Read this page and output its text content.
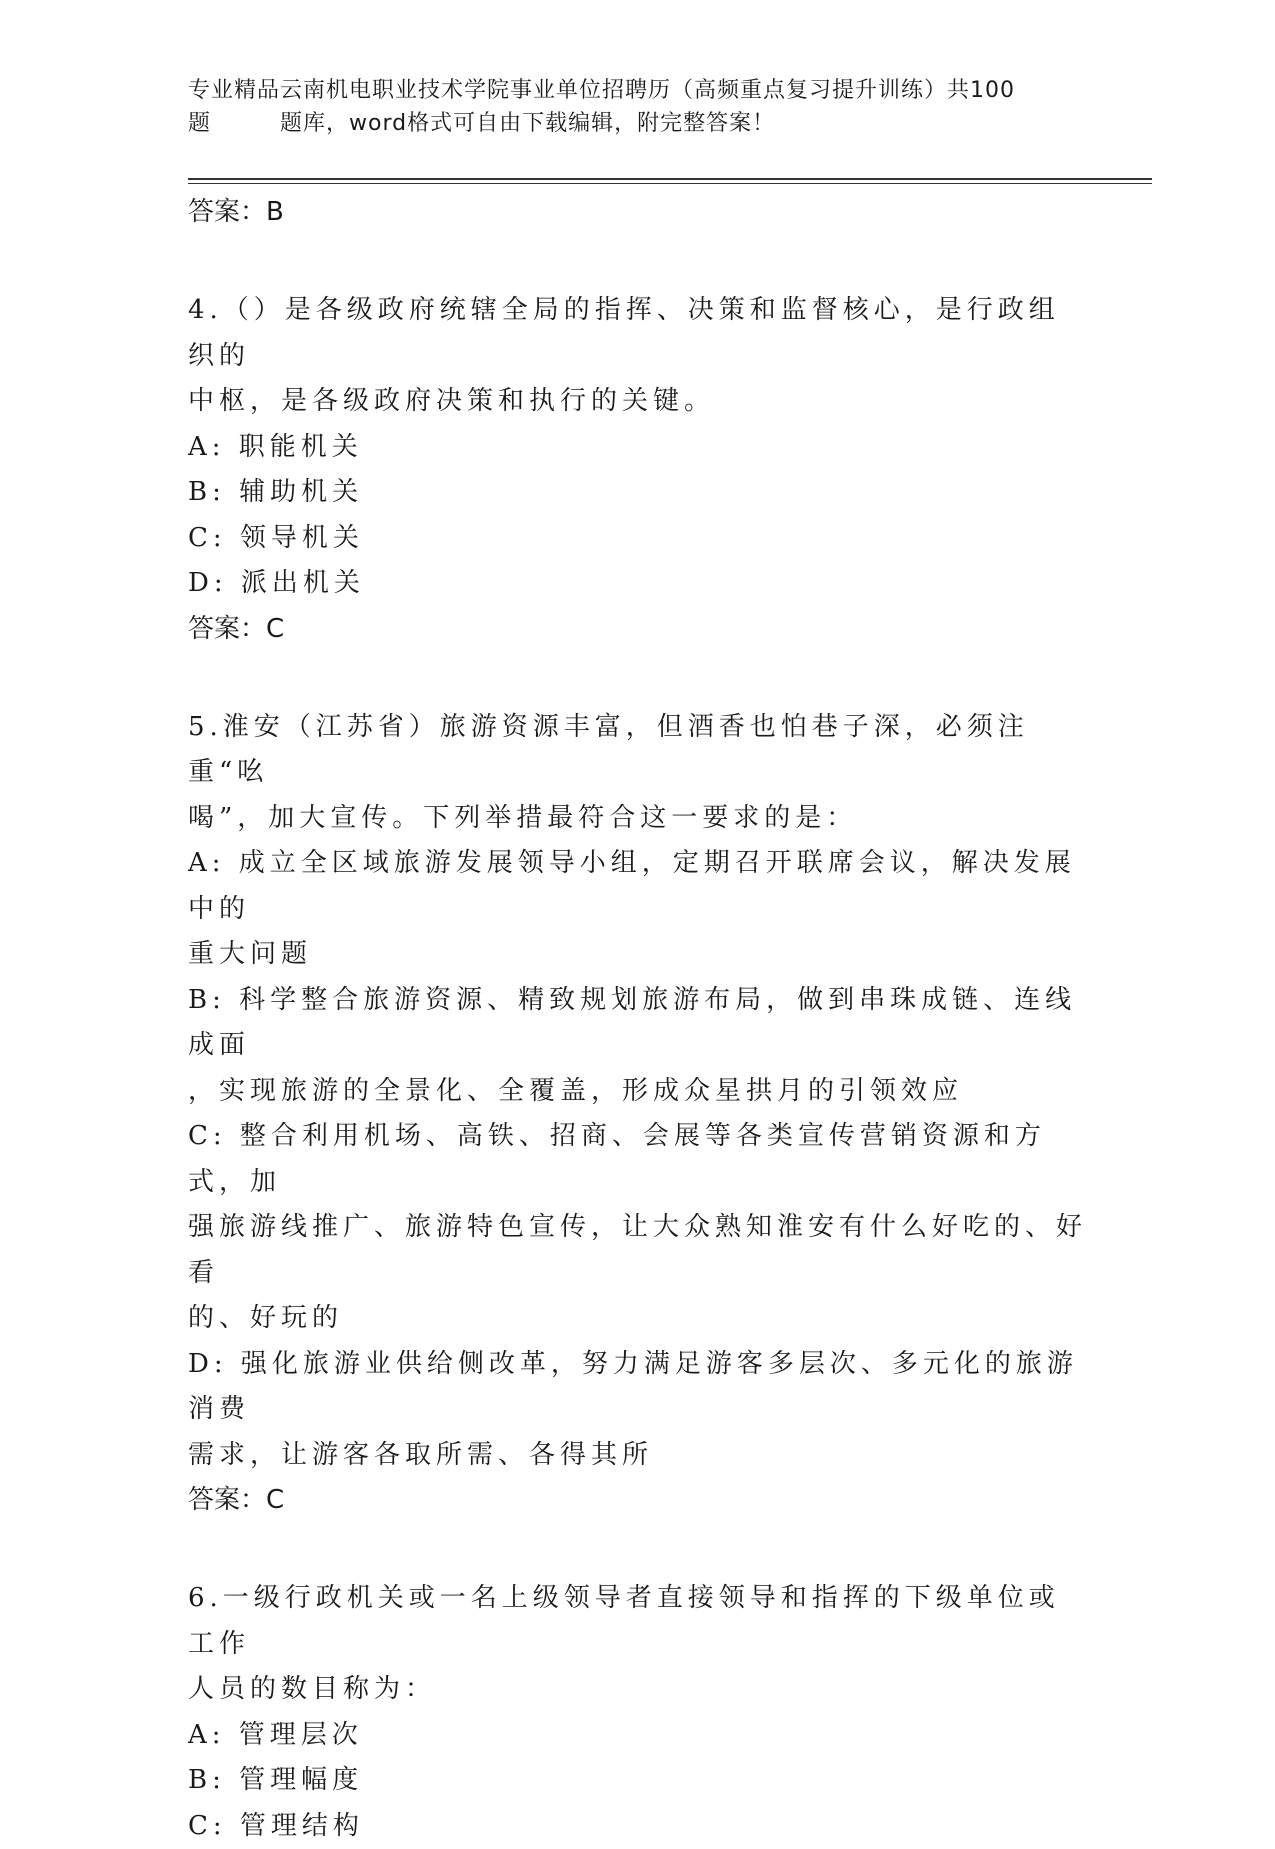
专业精品云南机电职业技术学院事业单位招聘历（高频重点复习提升训练）共100
题　　　题库，word格式可自由下载编辑，附完整答案！

答案：B

4.（）是各级政府统辖全局的指挥、决策和监督核心，是行政组织的

中枢，是各级政府决策和执行的关键。

A: 职能机关

B: 辅助机关

C: 领导机关

D: 派出机关

答案：C

5.淮安（江苏省）旅游资源丰富，但酒香也怕巷子深，必须注重“吆

喝”，加大宣传。下列举措最符合这一要求的是：

A: 成立全区域旅游发展领导小组，定期召开联席会议，解决发展中的

重大问题

B: 科学整合旅游资源、精致规划旅游布局，做到串珠成链、连线成面

，实现旅游的全景化、全覆盖，形成众星拱月的引领效应

C: 整合利用机场、高铁、招商、会展等各类宣传营销资源和方式，加

强旅游线推广、旅游特色宣传，让大众熟知淮安有什么好吃的、好看

的、好玩的

D: 强化旅游业供给侧改革，努力满足游客多层次、多元化的旅游消费

需求，让游客各取所需、各得其所

答案：C

6.一级行政机关或一名上级领导者直接领导和指挥的下级单位或工作

人员的数目称为：

A: 管理层次

B: 管理幅度

C: 管理结构
